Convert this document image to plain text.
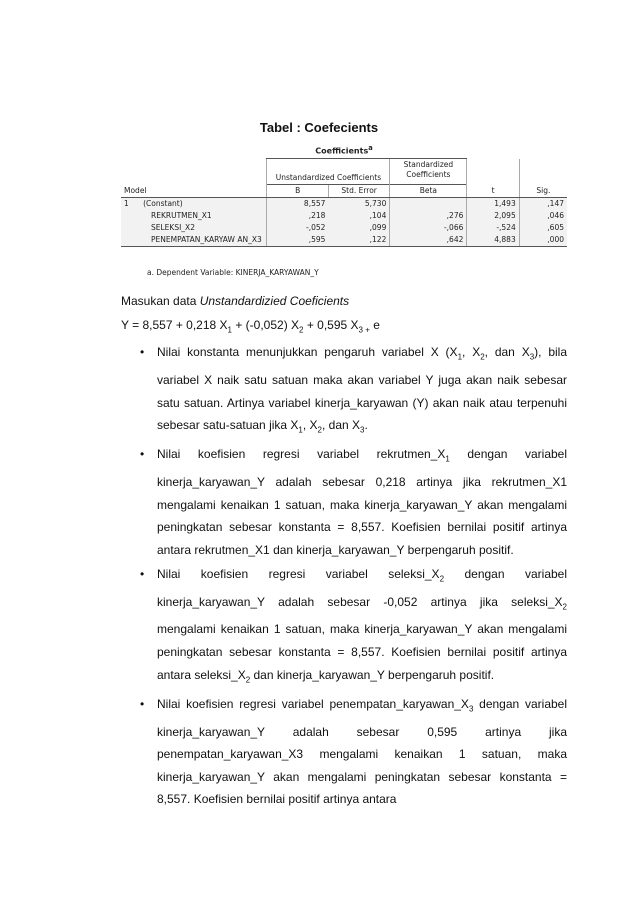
Tabel : Coefecients
Coefficients$^a$
	Unstandardized Coefficients		Standardized Coefficients		
Model	B	Std. Error	Beta	t	Sig.
1 (Constant)	8,557	5,730		1,493	,147
REKRUTMEN_X1	,218	,104	,276	2,095	,046
SELEKSI_X2	-,052	,099	-,066	-,524	,605
PENEMPATAN_KARYAW AN_X3	,595	,122	,642	4,883	,000
a. Dependent Variable: KINERJA_KARYAWAN_Y
Masukan data Unstandardizied Coeficients
Y = 8,557 + 0,218 $X_1 + (-0,052) X_2 + 0,595$ $X_{3 +}$ e
• Nilai konstanta menunjukkan pengaruh variabel X ($X_1$, $X_2$, dan $X_3$), bila variabel X naik satu satuan maka akan variabel Y juga akan naik sebesar satu satuan. Artinya variabel kinerja_karyawan (Y) akan naik atau terpenuhi sebesar satu-satuan jika $X_1$, $X_2$, dan $X_3$.
• Nilai koefisien regresi variabel $rekrutmen\_X_1$ dengan variabel kinerja_karyawan_Y adalah sebesar 0,218 artinya jika rekrutmen_X1 mengalami kenaikan 1 satuan, maka kinerja_karyawan_Y akan mengalami peningkatan sebesar konstanta = 8,557. Koefisien bernilai positif artinya antara rekrutmen_X1 dan kinerja_karyawan_Y berpengaruh positif.
• Nilai koefisien regresi variabel $seleksi\_X_2$ dengan variabel kinerja_karyawan_Y adalah sebesar -0,052 artinya jika $seleksi\_X_2$ mengalami kenaikan 1 satuan, maka kinerja_karyawan_Y akan mengalami peningkatan sebesar konstanta = 8,557. Koefisien bernilai positif artinya antara $seleksi\_X_2$ dan kinerja_karyawan_Y berpengaruh positif.
• Nilai koefisien regresi variabel $penempatan\_karyawan\_X_3$ dengan variabel kinerja_karyawan_Y adalah sebesar 0,595 artinya jika penempatan_karyawan_X3 mengalami kenaikan 1 satuan, maka kinerja_karyawan_Y akan mengalami peningkatan sebesar konstanta = 8,557. Koefisien bernilai positif artinya antara
